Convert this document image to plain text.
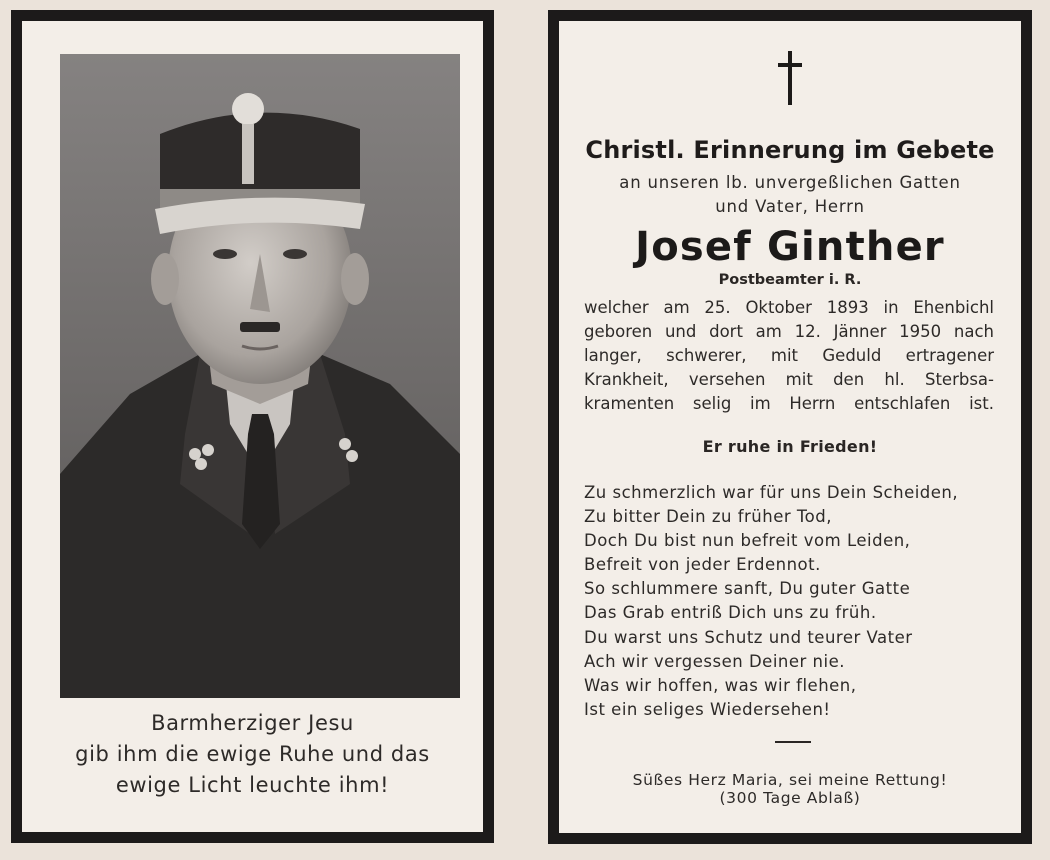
Barmherziger Jesu
gib ihm die ewige Ruhe und das
ewige Licht leuchte ihm!
Christl. Erinnerung im Gebete
an unseren lb. unvergeßlichen Gatten
und Vater, Herrn
Josef Ginther
Postbeamter i. R.
welcher am 25. Oktober 1893 in Ehenbichl
geboren und dort am 12. Jänner 1950 nach
langer, schwerer, mit Geduld ertragener
Krankheit, versehen mit den hl. Sterbsa-
kramenten selig im Herrn entschlafen ist.
Er ruhe in Frieden!
Zu schmerzlich war für uns Dein Scheiden,
Zu bitter Dein zu früher Tod,
Doch Du bist nun befreit vom Leiden,
Befreit von jeder Erdennot.
So schlummere sanft, Du guter Gatte
Das Grab entriß Dich uns zu früh.
Du warst uns Schutz und teurer Vater
Ach wir vergessen Deiner nie.
Was wir hoffen, was wir flehen,
Ist ein seliges Wiedersehen!
Süßes Herz Maria, sei meine Rettung!
(300 Tage Ablaß)
